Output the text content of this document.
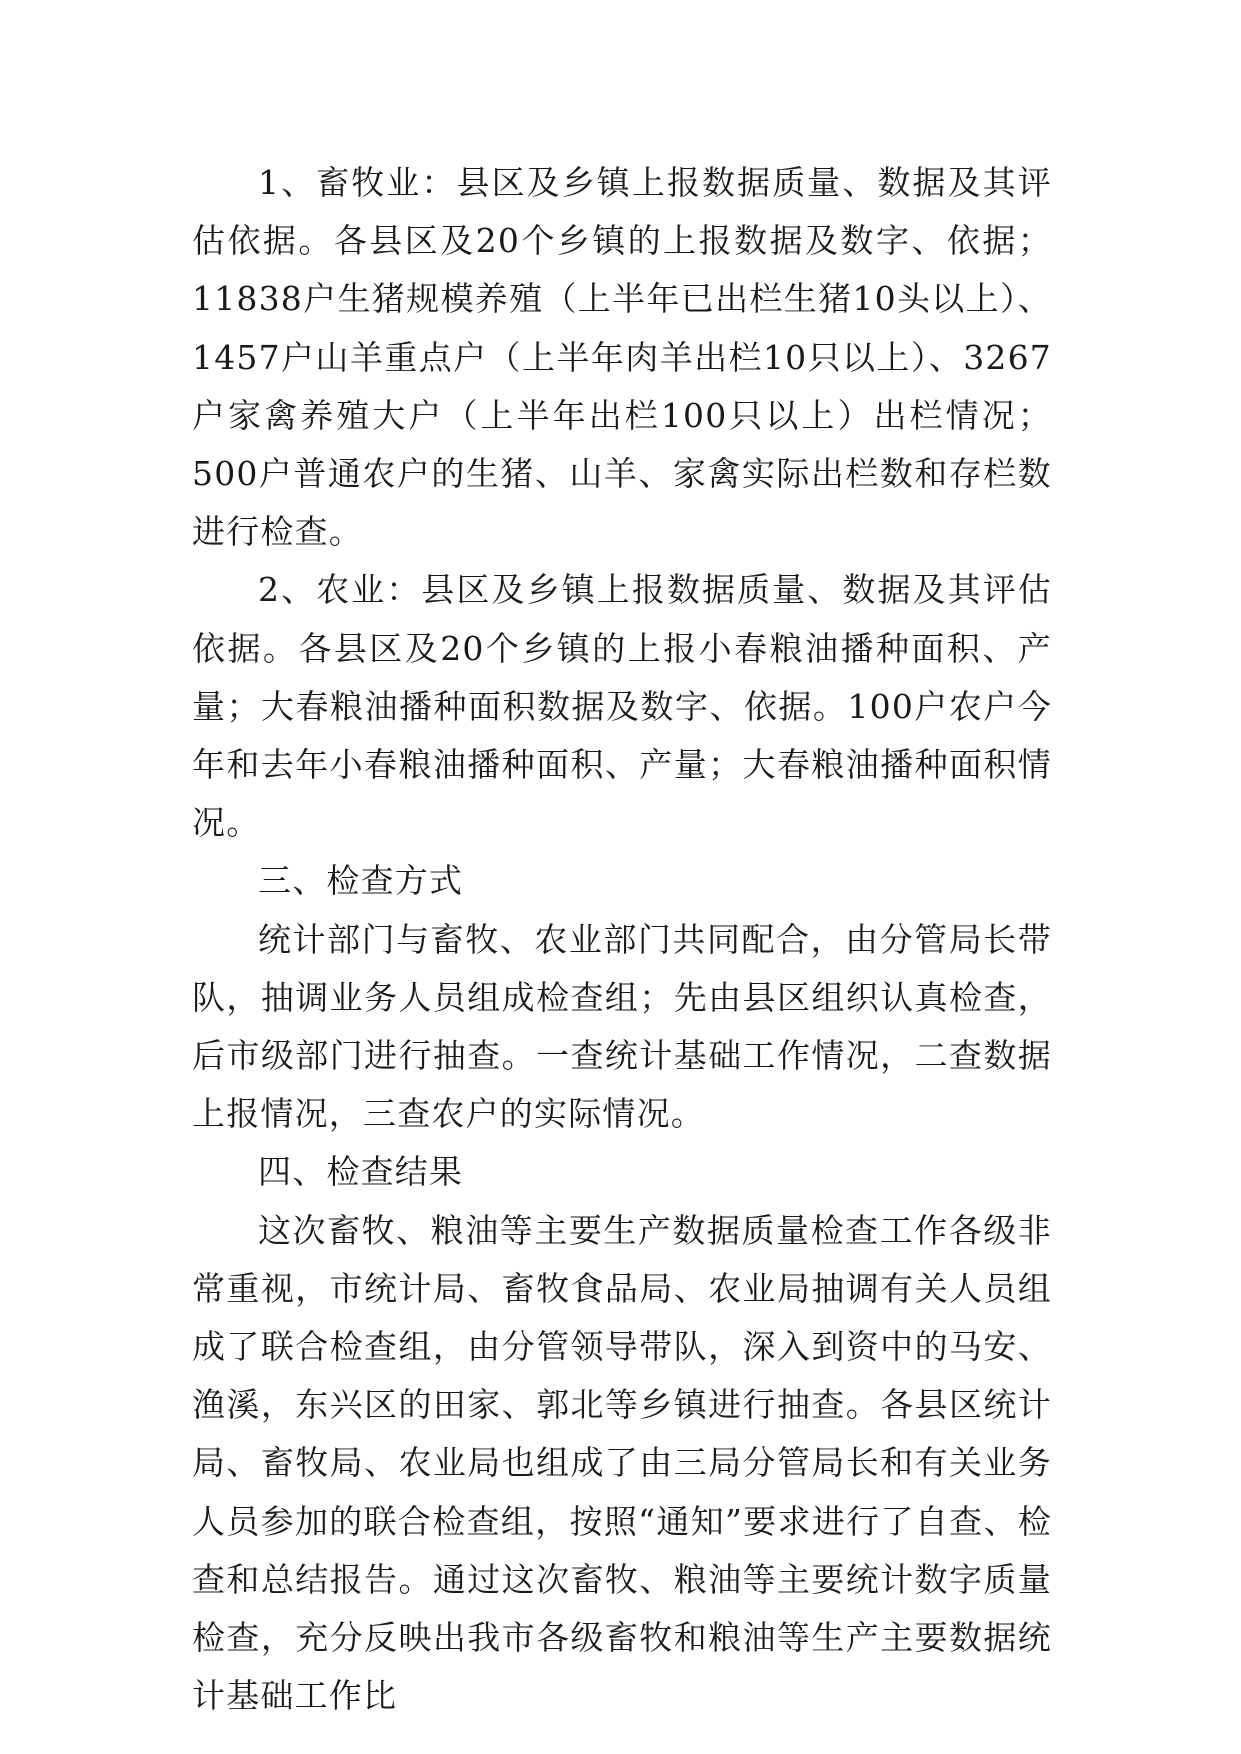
1、畜牧业：县区及乡镇上报数据质量、数据及其评估依据。各县区及20个乡镇的上报数据及数字、依据；11838户生猪规模养殖（上半年已出栏生猪10头以上）、1457户山羊重点户（上半年肉羊出栏10只以上）、3267户家禽养殖大户（上半年出栏100只以上）出栏情况；500户普通农户的生猪、山羊、家禽实际出栏数和存栏数进行检查。

2、农业：县区及乡镇上报数据质量、数据及其评估依据。各县区及20个乡镇的上报小春粮油播种面积、产量；大春粮油播种面积数据及数字、依据。100户农户今年和去年小春粮油播种面积、产量；大春粮油播种面积情况。

三、检查方式

统计部门与畜牧、农业部门共同配合，由分管局长带队，抽调业务人员组成检查组；先由县区组织认真检查，后市级部门进行抽查。一查统计基础工作情况，二查数据上报情况，三查农户的实际情况。

四、检查结果

这次畜牧、粮油等主要生产数据质量检查工作各级非常重视，市统计局、畜牧食品局、农业局抽调有关人员组成了联合检查组，由分管领导带队，深入到资中的马安、渔溪，东兴区的田家、郭北等乡镇进行抽查。各县区统计局、畜牧局、农业局也组成了由三局分管局长和有关业务人员参加的联合检查组，按照“通知”要求进行了自查、检查和总结报告。通过这次畜牧、粮油等主要统计数字质量检查，充分反映出我市各级畜牧和粮油等生产主要数据统计基础工作比
